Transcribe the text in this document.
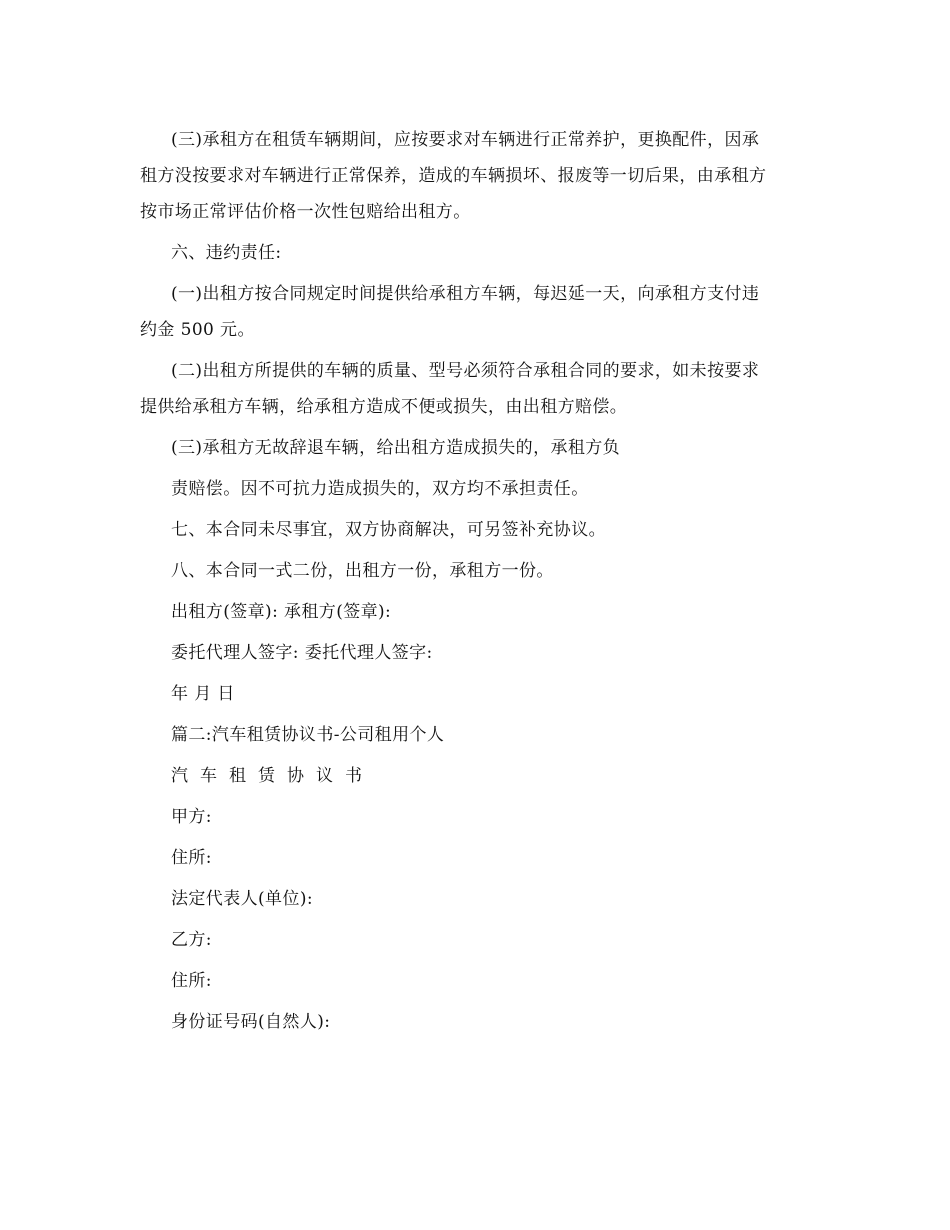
(三)承租方在租赁车辆期间，应按要求对车辆进行正常养护，更换配件，因承
租方没按要求对车辆进行正常保养，造成的车辆损坏、报废等一切后果，由承租方
按市场正常评估价格一次性包赔给出租方。
六、违约责任:
(一)出租方按合同规定时间提供给承租方车辆，每迟延一天，向承租方支付违
约金 500 元。
(二)出租方所提供的车辆的质量、型号必须符合承租合同的要求，如未按要求
提供给承租方车辆，给承租方造成不便或损失，由出租方赔偿。
(三)承租方无故辞退车辆，给出租方造成损失的，承租方负
责赔偿。因不可抗力造成损失的，双方均不承担责任。
七、本合同未尽事宜，双方协商解决，可另签补充协议。
八、本合同一式二份，出租方一份，承租方一份。
出租方(签章): 承租方(签章):
委托代理人签字: 委托代理人签字:
年 月 日
篇二:汽车租赁协议书-公司租用个人
汽车租赁协议书
甲方:
住所:
法定代表人(单位):
乙方:
住所:
身份证号码(自然人):
